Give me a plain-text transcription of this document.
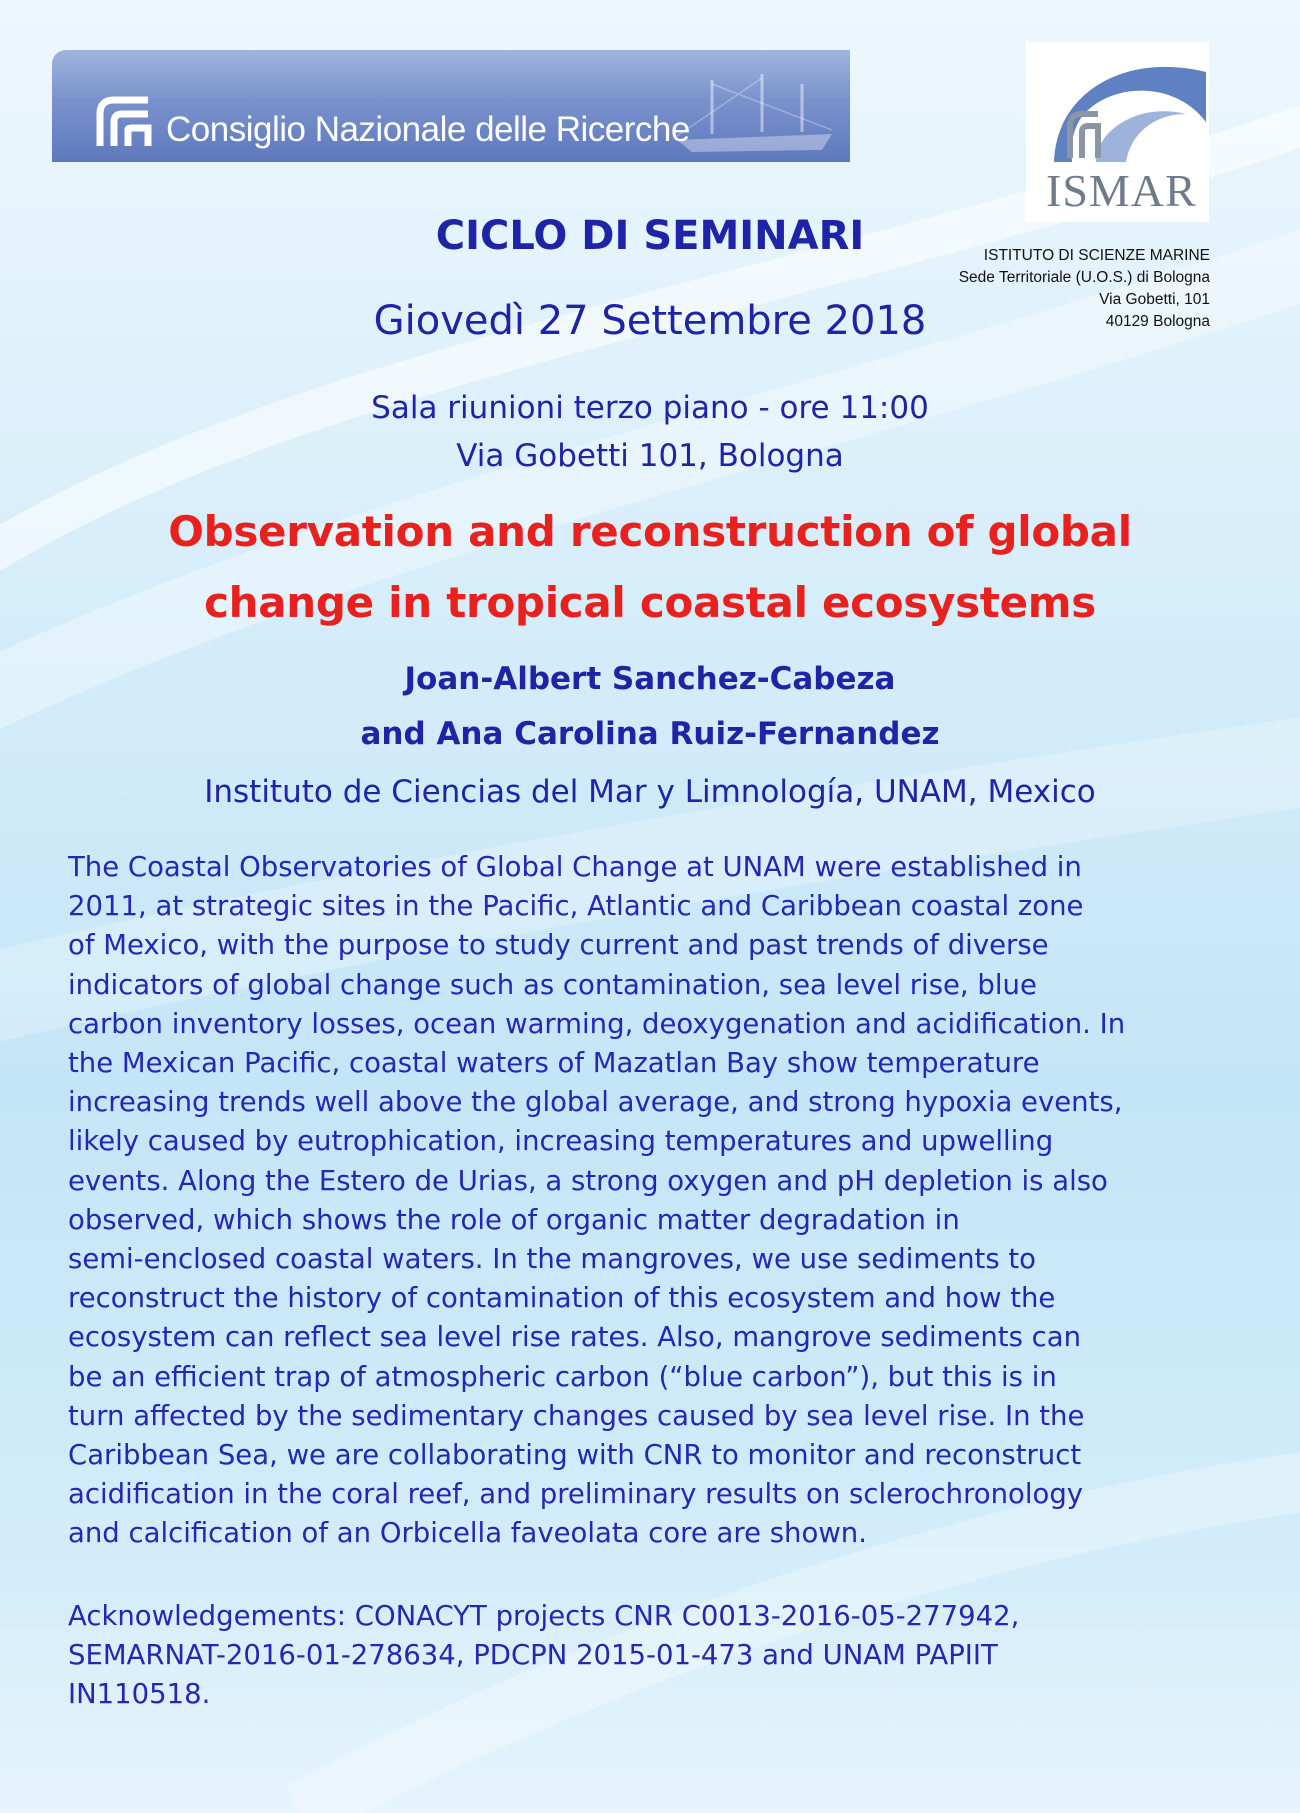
Consiglio Nazionale delle Ricerche
ISMAR
ISTITUTO DI SCIENZE MARINE
Sede Territoriale (U.O.S.) di Bologna
Via Gobetti, 101
40129 Bologna
CICLO DI SEMINARI
Giovedì 27 Settembre 2018
Sala riunioni terzo piano - ore 11:00
Via Gobetti 101, Bologna
Observation and reconstruction of global
change in tropical coastal ecosystems
Joan-Albert Sanchez-Cabeza
and Ana Carolina Ruiz-Fernandez
Instituto de Ciencias del Mar y Limnología, UNAM, Mexico
The Coastal Observatories of Global Change at UNAM were established in
2011, at strategic sites in the Pacific, Atlantic and Caribbean coastal zone
of Mexico, with the purpose to study current and past trends of diverse
indicators of global change such as contamination, sea level rise, blue
carbon inventory losses, ocean warming, deoxygenation and acidification. In
the Mexican Pacific, coastal waters of Mazatlan Bay show temperature
increasing trends well above the global average, and strong hypoxia events,
likely caused by eutrophication, increasing temperatures and upwelling
events. Along the Estero de Urias, a strong oxygen and pH depletion is also
observed, which shows the role of organic matter degradation in
semi-enclosed coastal waters. In the mangroves, we use sediments to
reconstruct the history of contamination of this ecosystem and how the
ecosystem can reflect sea level rise rates. Also, mangrove sediments can
be an efficient trap of atmospheric carbon (“blue carbon”), but this is in
turn affected by the sedimentary changes caused by sea level rise. In the
Caribbean Sea, we are collaborating with CNR to monitor and reconstruct
acidification in the coral reef, and preliminary results on sclerochronology
and calcification of an Orbicella faveolata core are shown.
Acknowledgements: CONACYT projects CNR C0013-2016-05-277942,
SEMARNAT-2016-01-278634, PDCPN 2015-01-473 and UNAM PAPIIT
IN110518.
